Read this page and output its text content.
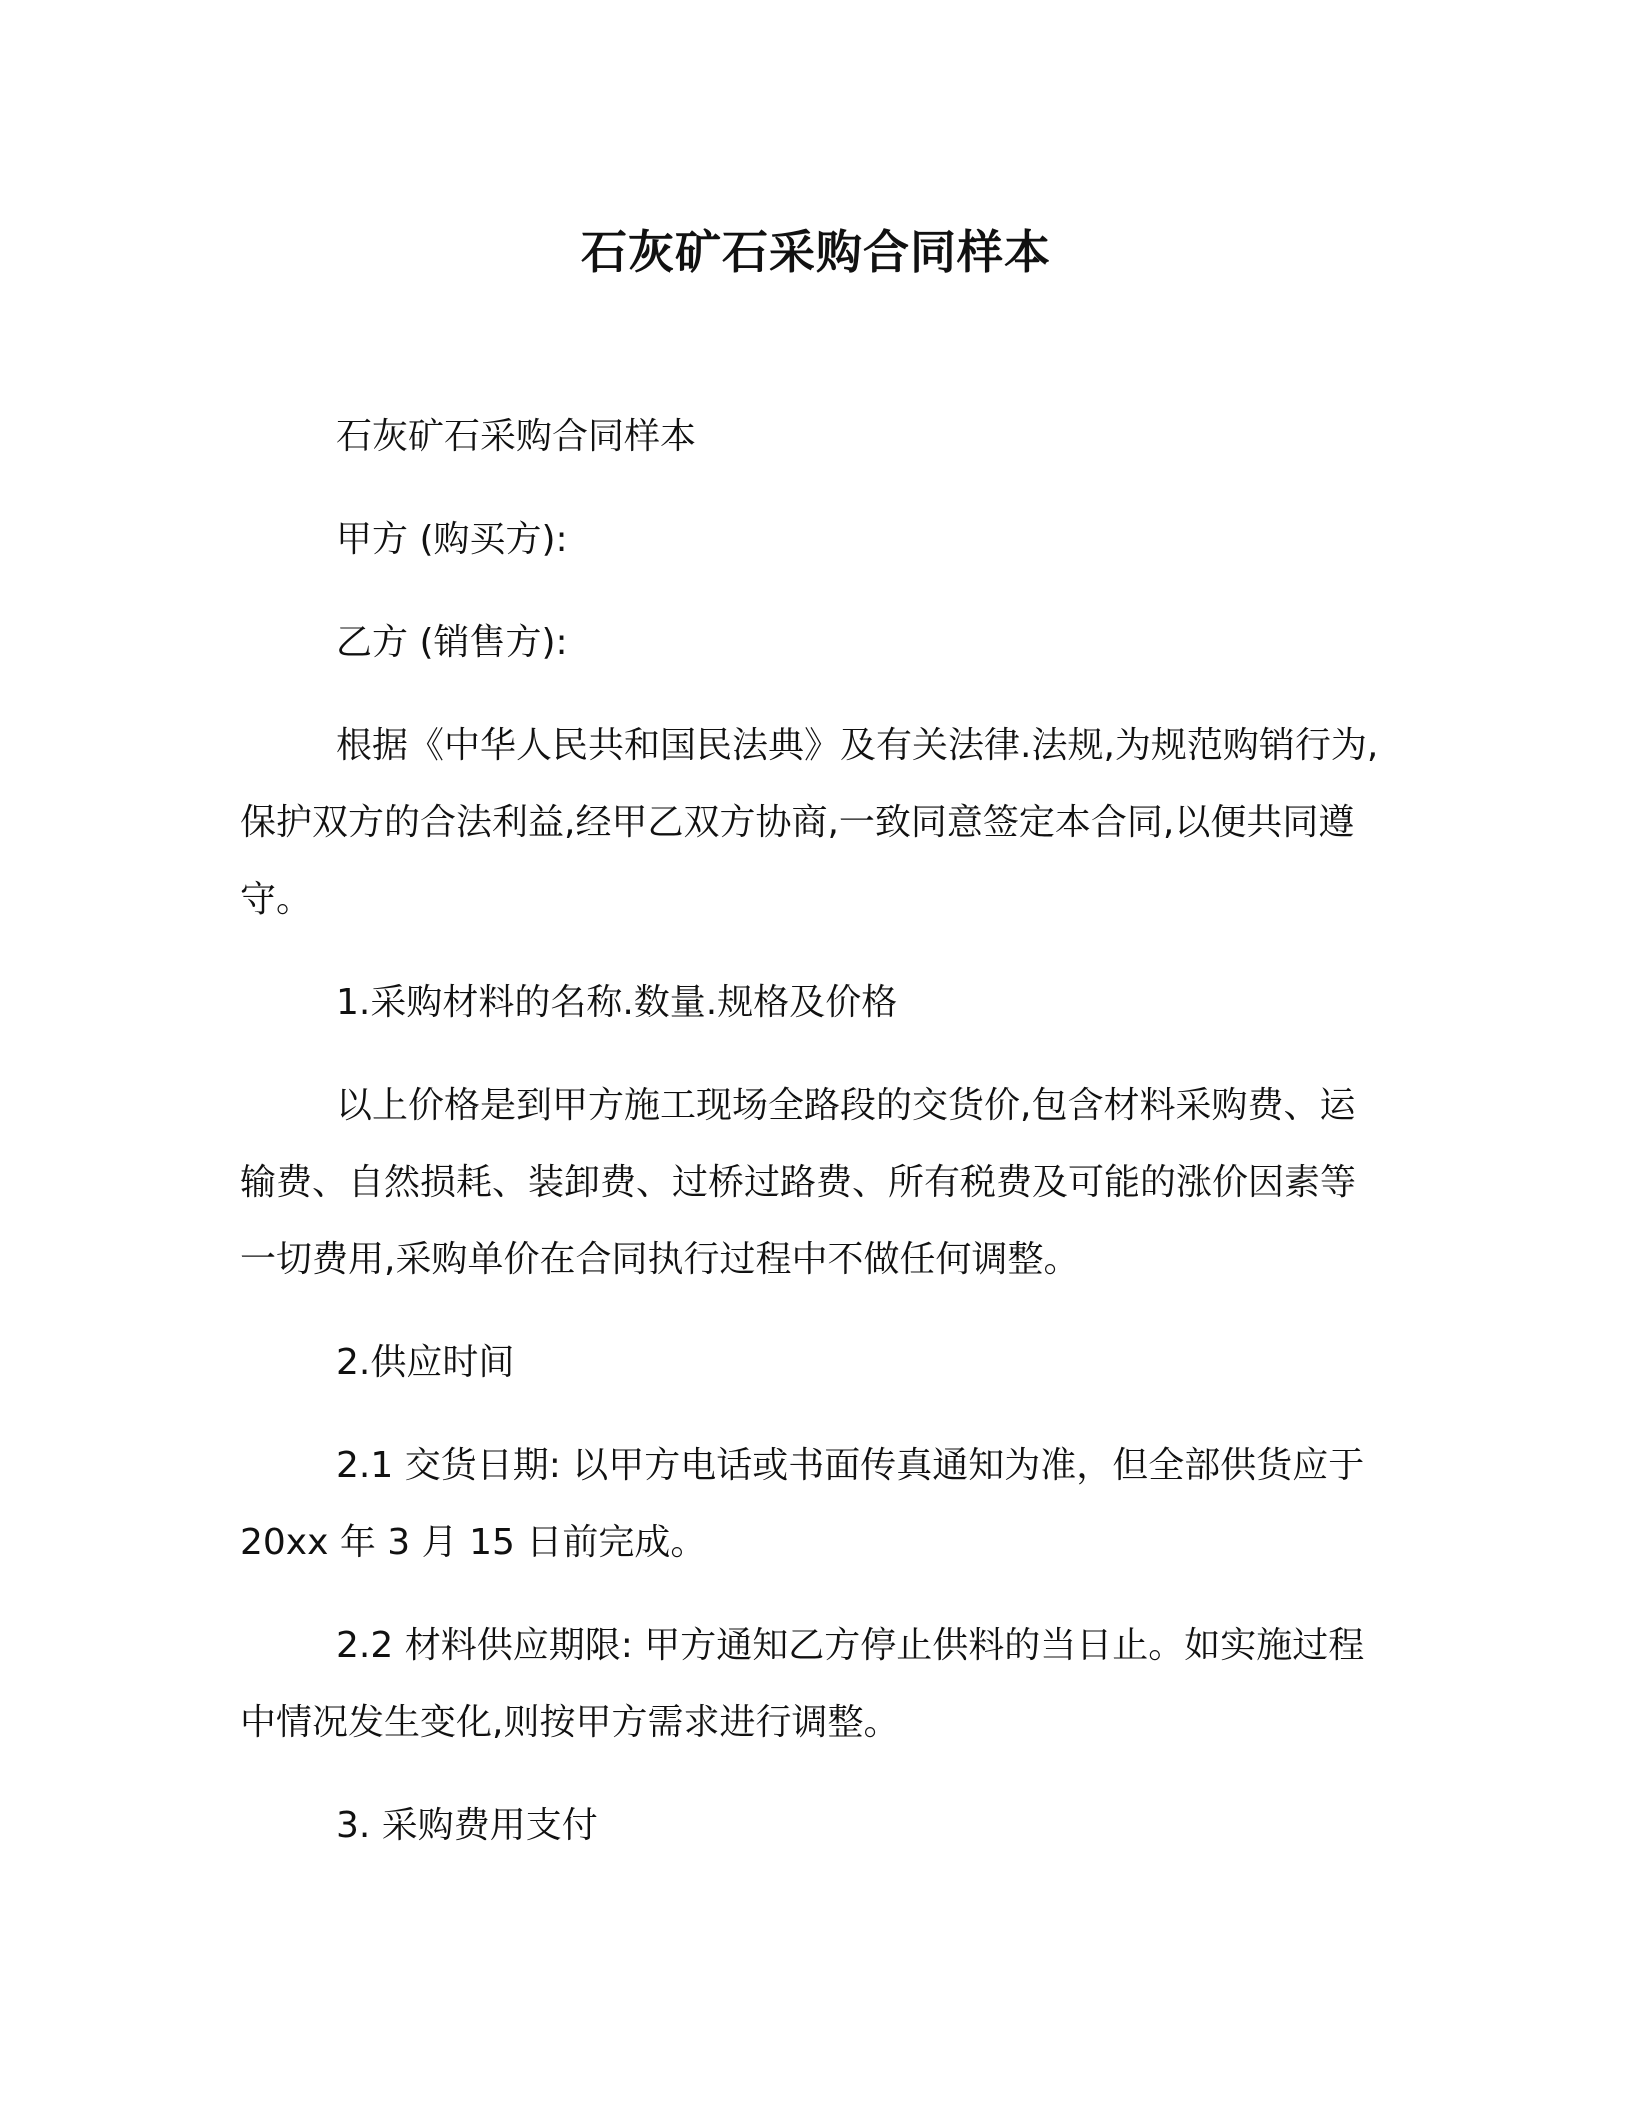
石灰矿石采购合同样本

石灰矿石采购合同样本

甲方 (购买方):

乙方 (销售方):

根据《中华人民共和国民法典》及有关法律.法规,为规范购销行为,保护双方的合法利益,经甲乙双方协商,一致同意签定本合同,以便共同遵守。

1.采购材料的名称.数量.规格及价格

以上价格是到甲方施工现场全路段的交货价,包含材料采购费、运输费、自然损耗、装卸费、过桥过路费、所有税费及可能的涨价因素等一切费用,采购单价在合同执行过程中不做任何调整。

2.供应时间

2.1 交货日期: 以甲方电话或书面传真通知为准，但全部供货应于20xx 年 3 月 15 日前完成。

2.2 材料供应期限: 甲方通知乙方停止供料的当日止。如实施过程中情况发生变化,则按甲方需求进行调整。

3. 采购费用支付
